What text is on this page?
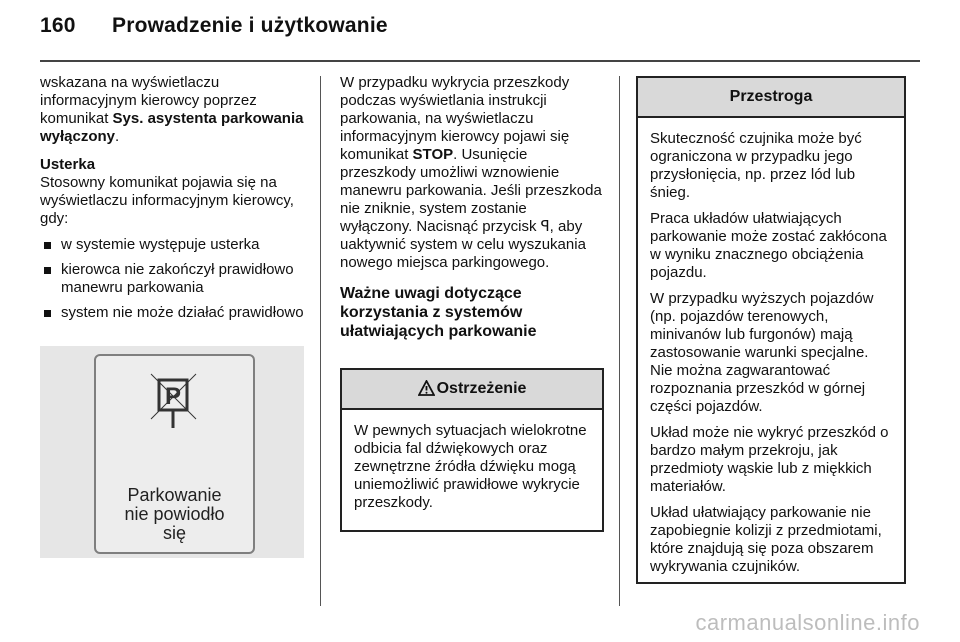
160 Prowadzenie i użytkowanie

wskazana na wyświetlaczu informacyjnym kierowcy poprzez komunikat Sys. asystenta parkowania wyłączony.

Usterka

Stosowny komunikat pojawia się na wyświetlaczu informacyjnym kierowcy, gdy:

w systemie występuje usterka
kierowca nie zakończył prawidłowo manewru parkowania
system nie może działać prawidłowo
P
Parkowanie
nie powiodło
się

W przypadku wykrycia przeszkody podczas wyświetlania instrukcji parkowania, na wyświetlaczu informacyjnym kierowcy pojawi się komunikat STOP. Usunięcie przeszkody umożliwi wznowienie manewru parkowania. Jeśli przeszkoda nie zniknie, system zostanie wyłączony. Nacisnąć przycisk ꟼ, aby uaktywnić system w celu wyszukania nowego miejsca parkingowego.

Ważne uwagi dotyczące korzystania z systemów ułatwiających parkowanie
Ostrzeżenie
W pewnych sytuacjach wielokrotne odbicia fal dźwiękowych oraz zewnętrzne źródła dźwięku mogą uniemożliwić prawidłowe wykrycie przeszkody.
Przestroga

Skuteczność czujnika może być ograniczona w przypadku jego przysłonięcia, np. przez lód lub śnieg.

Praca układów ułatwiających parkowanie może zostać zakłócona w wyniku znacznego obciążenia pojazdu.

W przypadku wyższych pojazdów (np. pojazdów terenowych, minivanów lub furgonów) mają zastosowanie warunki specjalne. Nie można zagwarantować rozpoznania przeszkód w górnej części pojazdów.

Układ może nie wykryć przeszkód o bardzo małym przekroju, jak przedmioty wąskie lub z miękkich materiałów.

Układ ułatwiający parkowanie nie zapobiegnie kolizji z przedmiotami, które znajdują się poza obszarem wykrywania czujników.

carmanualsonline.info
